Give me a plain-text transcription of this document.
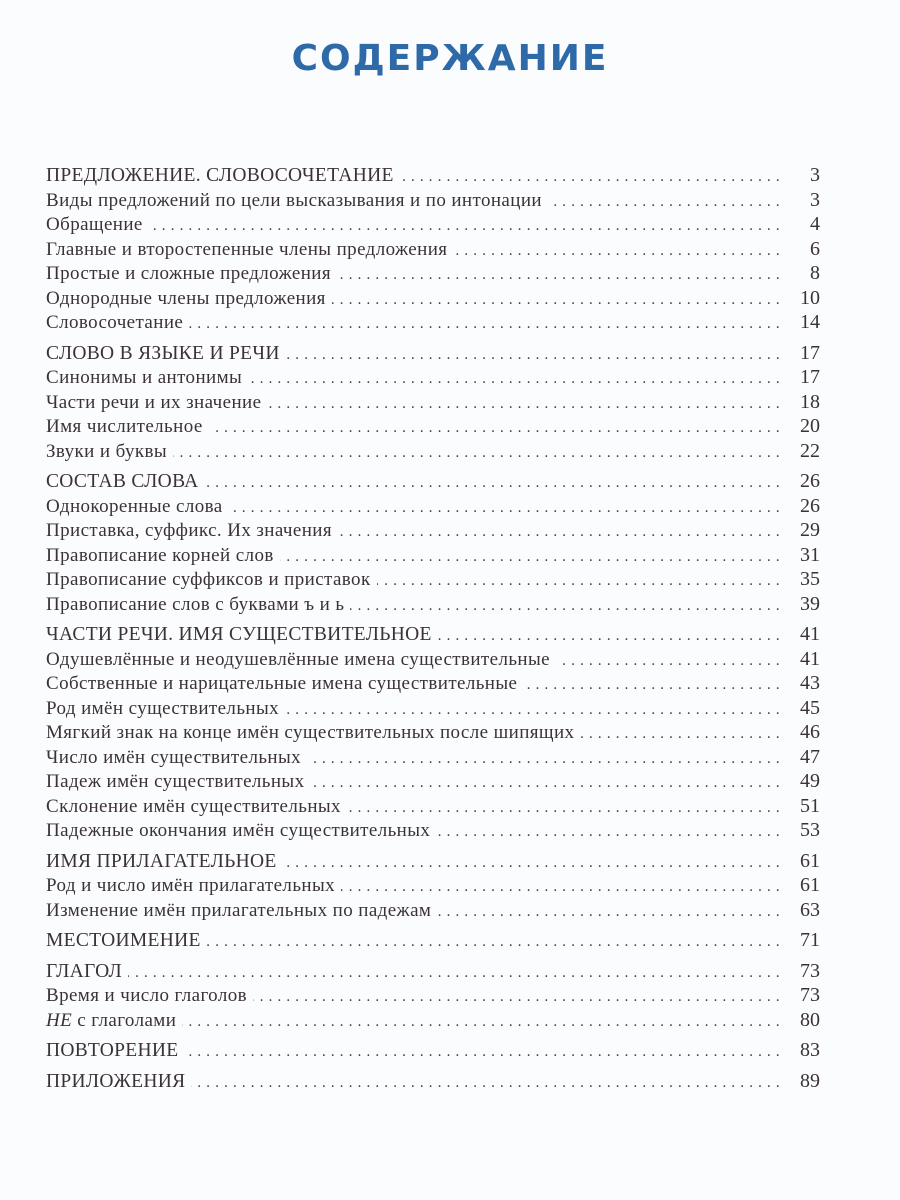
СОДЕРЖАНИЕ
ПРЕДЛОЖЕНИЕ. СЛОВОСОЧЕТАНИЕ . . .	3
Виды предложений по цели высказывания и по интонации . . .	3
Обращение . . .	4
Главные и второстепенные члены предложения . . .	6
Простые и сложные предложения . . .	8
Однородные члены предложения . . .	10
Словосочетание . . .	14
СЛОВО В ЯЗЫКЕ И РЕЧИ . . .	17
Синонимы и антонимы . . .	17
Части речи и их значение . . .	18
Имя числительное . . .	20
Звуки и буквы . . .	22
СОСТАВ СЛОВА . . .	26
Однокоренные слова . . .	26
Приставка, суффикс. Их значения . . .	29
Правописание корней слов . . .	31
Правописание суффиксов и приставок . . .	35
Правописание слов с буквами ъ и ь . . .	39
ЧАСТИ РЕЧИ. ИМЯ СУЩЕСТВИТЕЛЬНОЕ . . .	41
Одушевлённые и неодушевлённые имена существительные . . .	41
Собственные и нарицательные имена существительные . . .	43
Род имён существительных . . .	45
Мягкий знак на конце имён существительных после шипящих . . .	46
Число имён существительных . . .	47
Падеж имён существительных . . .	49
Склонение имён существительных . . .	51
Падежные окончания имён существительных . . .	53
ИМЯ ПРИЛАГАТЕЛЬНОЕ . . .	61
Род и число имён прилагательных . . .	61
Изменение имён прилагательных по падежам . . .	63
МЕСТОИМЕНИЕ . . .	71
ГЛАГОЛ . . .	73
Время и число глаголов . . .	73
НЕ с глаголами . . .	80
ПОВТОРЕНИЕ . . .	83
ПРИЛОЖЕНИЯ . . .	89
